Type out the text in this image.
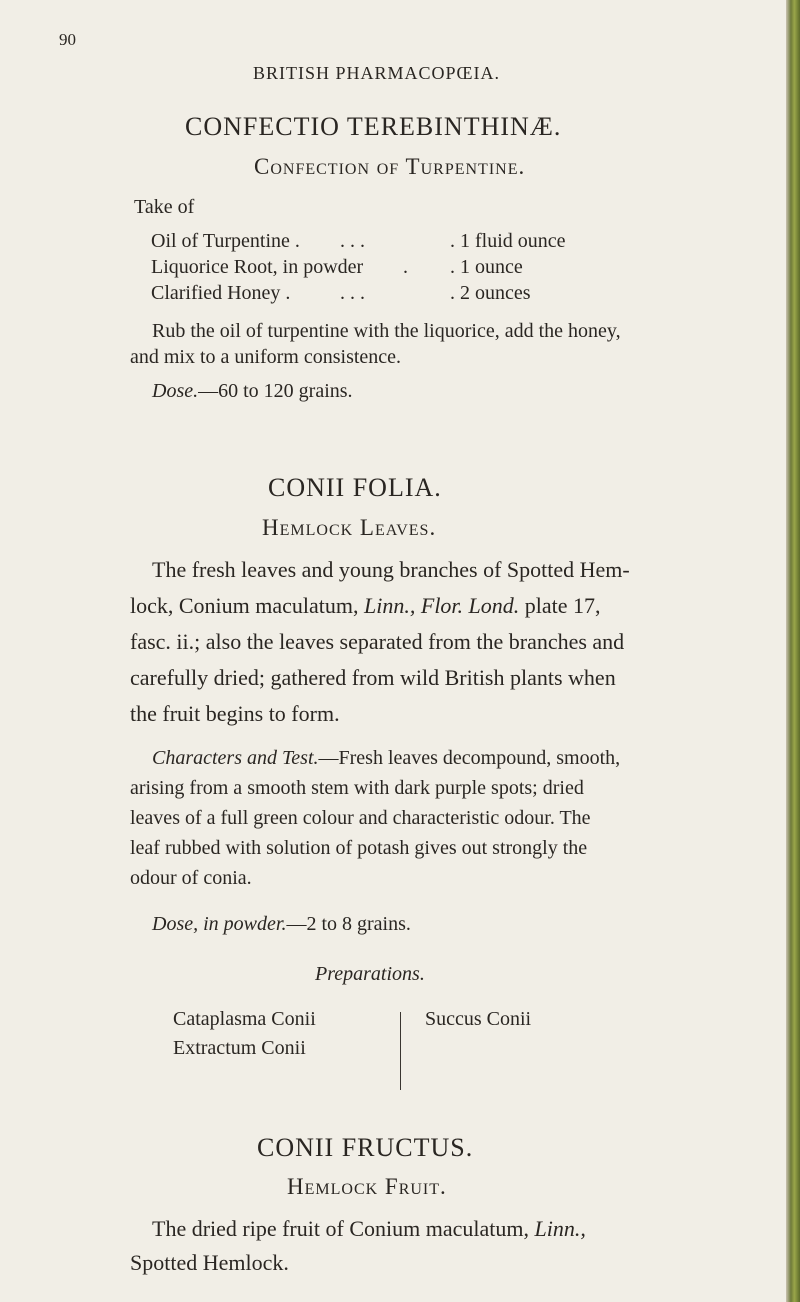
90
BRITISH PHARMACOPŒIA.
CONFECTIO TEREBINTHINÆ.
Confection of Turpentine.
Take of
Oil of Turpentine . . . .	. 1 fluid ounce
Liquorice Root, in powder . . 1 ounce
Clarified Honey . . . .	. 2 ounces
Rub the oil of turpentine with the liquorice, add the honey,
and mix to a uniform consistence.
Dose.—60 to 120 grains.
CONII FOLIA.
Hemlock Leaves.
The fresh leaves and young branches of Spotted Hem-
lock, Conium maculatum, Linn., Flor. Lond. plate 17,
fasc. ii.; also the leaves separated from the branches and
carefully dried; gathered from wild British plants when
the fruit begins to form.
Characters and Test.—Fresh leaves decompound, smooth,
arising from a smooth stem with dark purple spots; dried
leaves of a full green colour and characteristic odour. The
leaf rubbed with solution of potash gives out strongly the
odour of conia.
Dose, in powder.—2 to 8 grains.
Preparations.
Cataplasma Conii
Extractum Conii
Succus Conii
CONII FRUCTUS.
Hemlock Fruit.
The dried ripe fruit of Conium maculatum, Linn.,
Spotted Hemlock.
